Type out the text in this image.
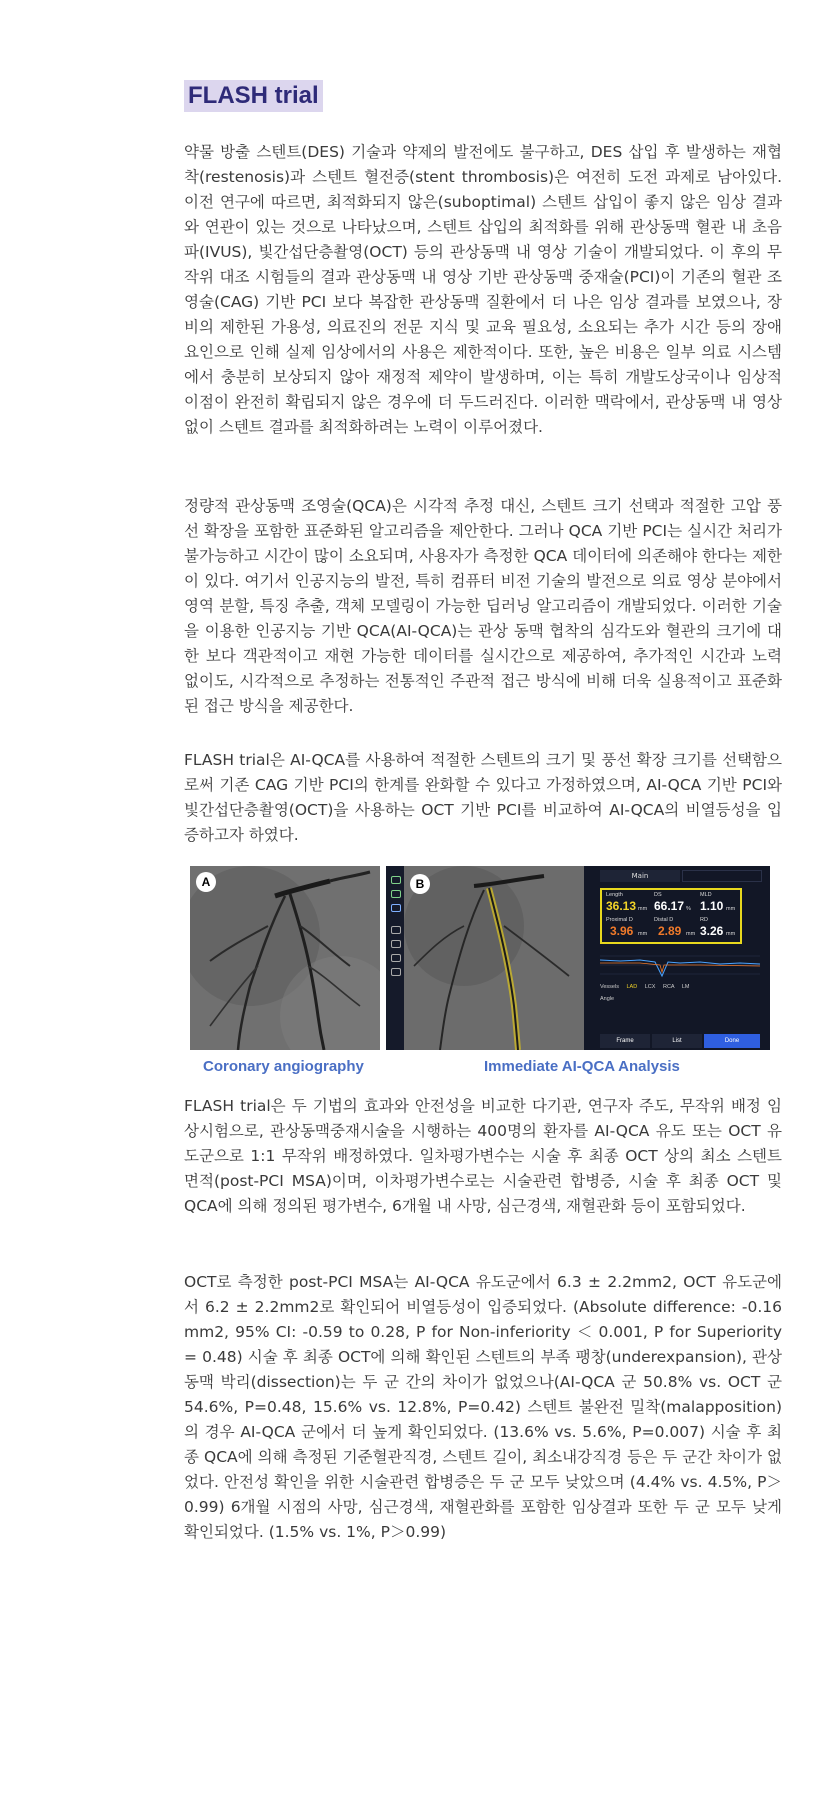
FLASH trial

약물 방출 스텐트(DES) 기술과 약제의 발전에도 불구하고, DES 삽입 후 발생하는 재협착(restenosis)과 스텐트 혈전증(stent thrombosis)은 여전히 도전 과제로 남아있다. 이전 연구에 따르면, 최적화되지 않은(suboptimal) 스텐트 삽입이 좋지 않은 임상 결과와 연관이 있는 것으로 나타났으며, 스텐트 삽입의 최적화를 위해 관상동맥 혈관 내 초음파(IVUS), 빛간섭단층촬영(OCT) 등의 관상동맥 내 영상 기술이 개발되었다. 이 후의 무작위 대조 시험들의 결과 관상동맥 내 영상 기반 관상동맥 중재술(PCI)이 기존의 혈관 조영술(CAG) 기반 PCI 보다 복잡한 관상동맥 질환에서 더 나은 임상 결과를 보였으나, 장비의 제한된 가용성, 의료진의 전문 지식 및 교육 필요성, 소요되는 추가 시간 등의 장애 요인으로 인해 실제 임상에서의 사용은 제한적이다. 또한, 높은 비용은 일부 의료 시스템에서 충분히 보상되지 않아 재정적 제약이 발생하며, 이는 특히 개발도상국이나 임상적 이점이 완전히 확립되지 않은 경우에 더 두드러진다. 이러한 맥락에서, 관상동맥 내 영상 없이 스텐트 결과를 최적화하려는 노력이 이루어졌다.

정량적 관상동맥 조영술(QCA)은 시각적 추정 대신, 스텐트 크기 선택과 적절한 고압 풍선 확장을 포함한 표준화된 알고리즘을 제안한다. 그러나 QCA 기반 PCI는 실시간 처리가 불가능하고 시간이 많이 소요되며, 사용자가 측정한 QCA 데이터에 의존해야 한다는 제한이 있다. 여기서 인공지능의 발전, 특히 컴퓨터 비전 기술의 발전으로 의료 영상 분야에서 영역 분할, 특징 추출, 객체 모델링이 가능한 딥러닝 알고리즘이 개발되었다. 이러한 기술을 이용한 인공지능 기반 QCA(AI-QCA)는 관상 동맥 협착의 심각도와 혈관의 크기에 대한 보다 객관적이고 재현 가능한 데이터를 실시간으로 제공하여, 추가적인 시간과 노력 없이도, 시각적으로 추정하는 전통적인 주관적 접근 방식에 비해 더욱 실용적이고 표준화된 접근 방식을 제공한다.

FLASH trial은 AI-QCA를 사용하여 적절한 스텐트의 크기 및 풍선 확장 크기를 선택함으로써 기존 CAG 기반 PCI의 한계를 완화할 수 있다고 가정하였으며, AI-QCA 기반 PCI와 빛간섭단층촬영(OCT)을 사용하는 OCT 기반 PCI를 비교하여 AI-QCA의 비열등성을 입증하고자 하였다.

A	B
Main
Length
36.13 mm
DS
66.17 %
MLD
1.10 mm
Proximal D
3.96 mm
Distal D
2.89 mm
RD
3.26 mm
Vessels LAD LCX RCA LM
Angle
Frame	List	Done
Coronary angiography	Immediate AI-QCA Analysis

FLASH trial은 두 기법의 효과와 안전성을 비교한 다기관, 연구자 주도, 무작위 배정 임상시험으로, 관상동맥중재시술을 시행하는 400명의 환자를 AI-QCA 유도 또는 OCT 유도군으로 1:1 무작위 배정하였다. 일차평가변수는 시술 후 최종 OCT 상의 최소 스텐트 면적(post-PCI MSA)이며, 이차평가변수로는 시술관련 합병증, 시술 후 최종 OCT 및 QCA에 의해 정의된 평가변수, 6개월 내 사망, 심근경색, 재혈관화 등이 포함되었다.

OCT로 측정한 post-PCI MSA는 AI-QCA 유도군에서 6.3 ± 2.2mm2, OCT 유도군에서 6.2 ± 2.2mm2로 확인되어 비열등성이 입증되었다. (Absolute difference: -0.16 mm2, 95% CI: -0.59 to 0.28, P for Non-inferiority ＜ 0.001, P for Superiority = 0.48) 시술 후 최종 OCT에 의해 확인된 스텐트의 부족 팽창(underexpansion), 관상동맥 박리(dissection)는 두 군 간의 차이가 없었으나(AI-QCA 군 50.8% vs. OCT 군 54.6%, P=0.48, 15.6% vs. 12.8%, P=0.42) 스텐트 불완전 밀착(malapposition)의 경우 AI-QCA 군에서 더 높게 확인되었다. (13.6% vs. 5.6%, P=0.007) 시술 후 최종 QCA에 의해 측정된 기준혈관직경, 스텐트 길이, 최소내강직경 등은 두 군간 차이가 없었다. 안전성 확인을 위한 시술관련 합병증은 두 군 모두 낮았으며 (4.4% vs. 4.5%, P＞0.99) 6개월 시점의 사망, 심근경색, 재혈관화를 포함한 임상결과 또한 두 군 모두 낮게 확인되었다. (1.5% vs. 1%, P＞0.99)
